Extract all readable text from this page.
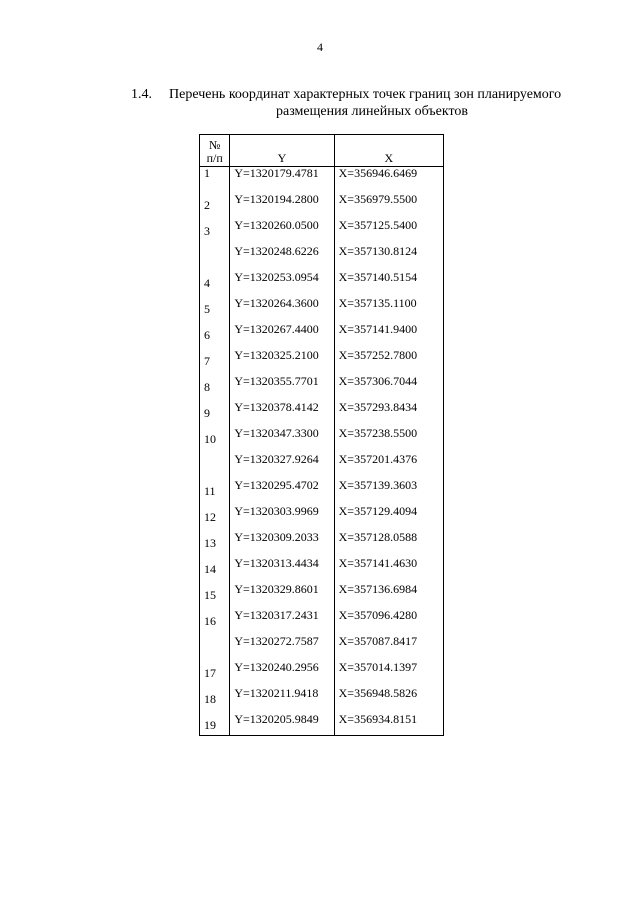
4
1.4. Перечень координат характерных точек границ зон планируемого
размещения линейных объектов
№
п/п	Y	X
1	Y=1320179.4781	X=356946.6469
2	Y=1320194.2800	X=356979.5500
3	Y=1320260.0500	X=357125.5400
	Y=1320248.6226	X=357130.8124
4	Y=1320253.0954	X=357140.5154
5	Y=1320264.3600	X=357135.1100
6	Y=1320267.4400	X=357141.9400
7	Y=1320325.2100	X=357252.7800
8	Y=1320355.7701	X=357306.7044
9	Y=1320378.4142	X=357293.8434
10	Y=1320347.3300	X=357238.5500
	Y=1320327.9264	X=357201.4376
11	Y=1320295.4702	X=357139.3603
12	Y=1320303.9969	X=357129.4094
13	Y=1320309.2033	X=357128.0588
14	Y=1320313.4434	X=357141.4630
15	Y=1320329.8601	X=357136.6984
16	Y=1320317.2431	X=357096.4280
	Y=1320272.7587	X=357087.8417
17	Y=1320240.2956	X=357014.1397
18	Y=1320211.9418	X=356948.5826
19	Y=1320205.9849	X=356934.8151
